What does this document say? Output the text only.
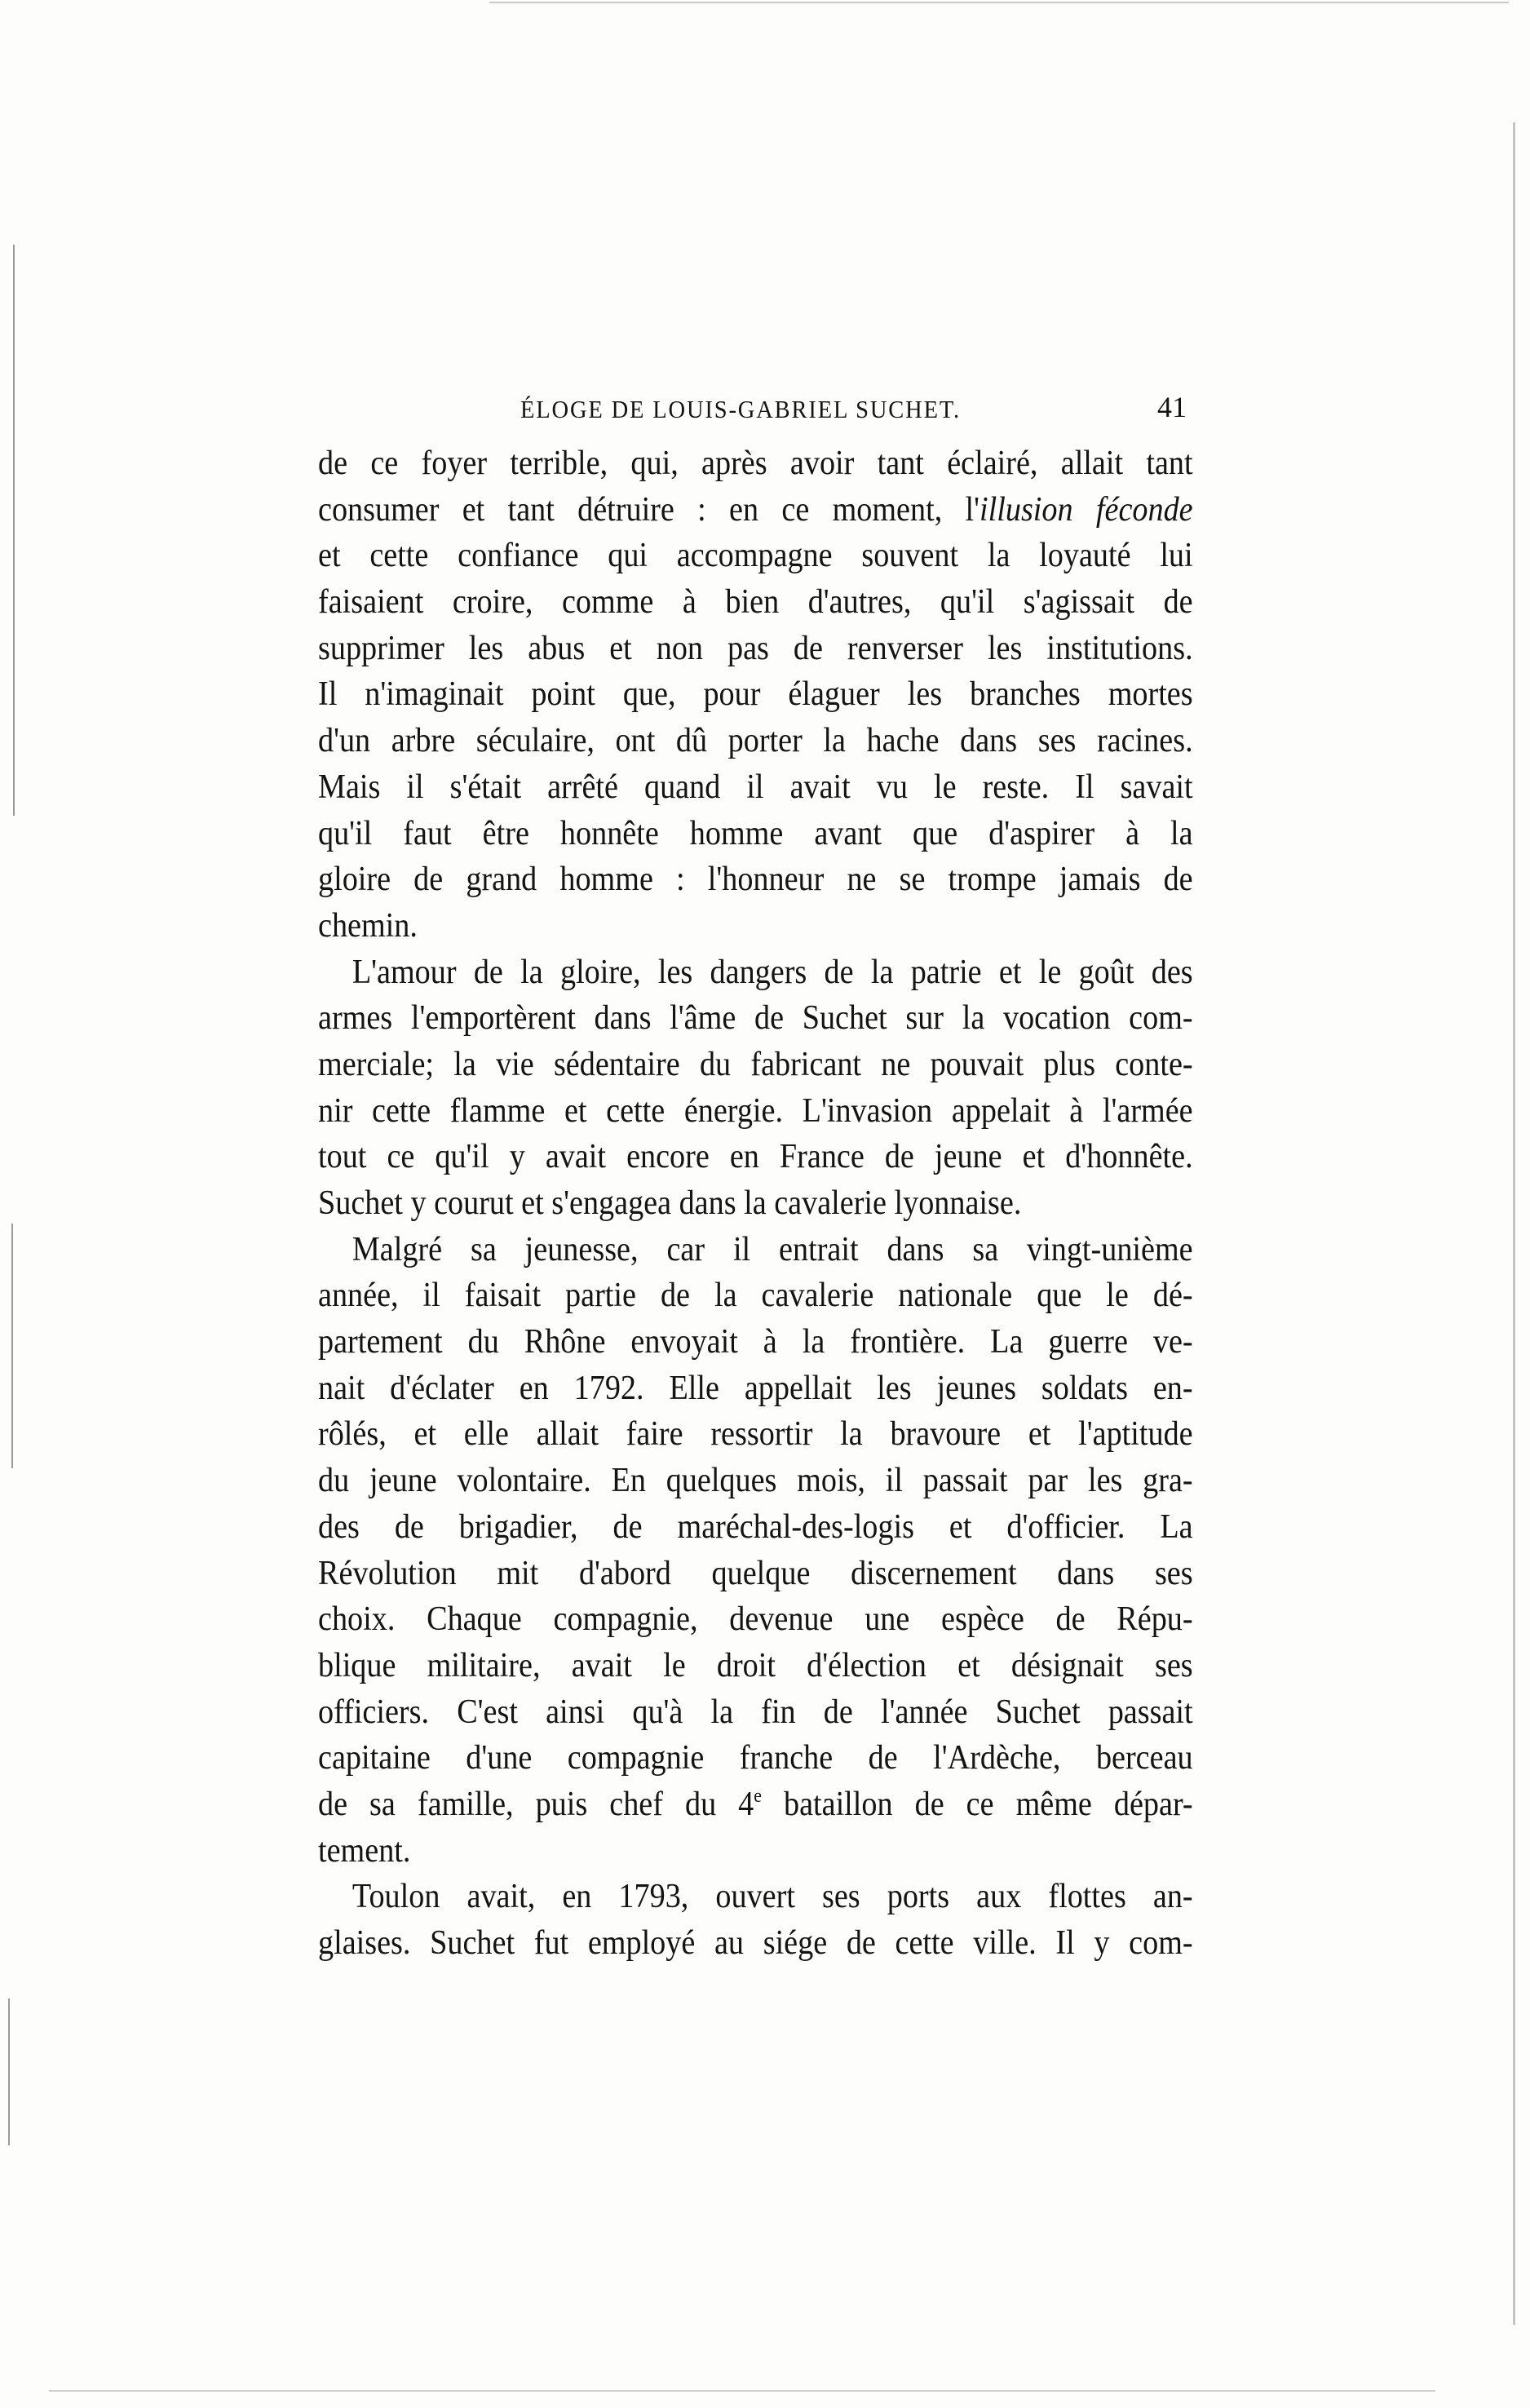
ÉLOGE DE LOUIS-GABRIEL SUCHET.	41
de ce foyer terrible, qui, après avoir tant éclairé, allait tant
consumer et tant détruire : en ce moment, l'illusion féconde
et cette confiance qui accompagne souvent la loyauté lui
faisaient croire, comme à bien d'autres, qu'il s'agissait de
supprimer les abus et non pas de renverser les institutions.
Il n'imaginait point que, pour élaguer les branches mortes
d'un arbre séculaire, ont dû porter la hache dans ses racines.
Mais il s'était arrêté quand il avait vu le reste. Il savait
qu'il faut être honnête homme avant que d'aspirer à la
gloire de grand homme : l'honneur ne se trompe jamais de
chemin.
L'amour de la gloire, les dangers de la patrie et le goût des
armes l'emportèrent dans l'âme de Suchet sur la vocation com-
merciale; la vie sédentaire du fabricant ne pouvait plus conte-
nir cette flamme et cette énergie. L'invasion appelait à l'armée
tout ce qu'il y avait encore en France de jeune et d'honnête.
Suchet y courut et s'engagea dans la cavalerie lyonnaise.
Malgré sa jeunesse, car il entrait dans sa vingt-unième
année, il faisait partie de la cavalerie nationale que le dé-
partement du Rhône envoyait à la frontière. La guerre ve-
nait d'éclater en 1792. Elle appellait les jeunes soldats en-
rôlés, et elle allait faire ressortir la bravoure et l'aptitude
du jeune volontaire. En quelques mois, il passait par les gra-
des de brigadier, de maréchal-des-logis et d'officier. La
Révolution mit d'abord quelque discernement dans ses
choix. Chaque compagnie, devenue une espèce de Répu-
blique militaire, avait le droit d'élection et désignait ses
officiers. C'est ainsi qu'à la fin de l'année Suchet passait
capitaine d'une compagnie franche de l'Ardèche, berceau
de sa famille, puis chef du 4e bataillon de ce même dépar-
tement.
Toulon avait, en 1793, ouvert ses ports aux flottes an-
glaises. Suchet fut employé au siége de cette ville. Il y com-
